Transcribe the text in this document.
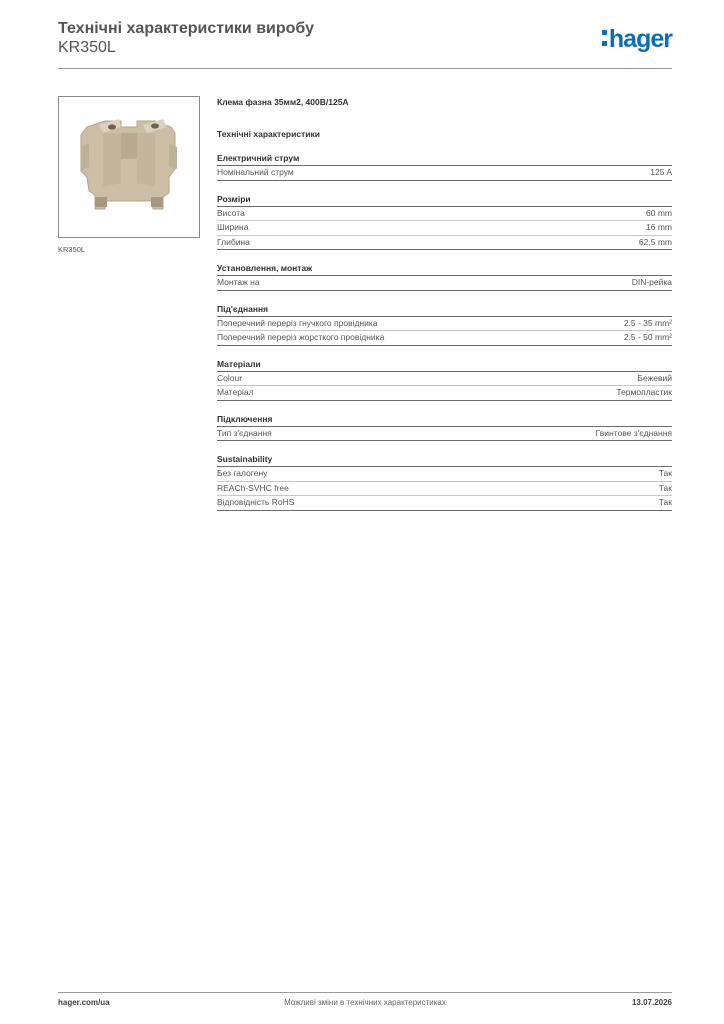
Технічні характеристики виробу
KR350L	hager
KR350L
Клема фазна 35мм2, 400В/125А
Технічні характеристики
Електричний струм
Номінальний струм	125 A
Розміри
Висота	60 mm
Ширина	16 mm
Глибина	62,5 mm
Установлення, монтаж
Монтаж на	DIN-рейка
Під'єднання
Поперечний переріз гнучкого провідника	2.5 - 35 mm²
Поперечний переріз жорсткого провідника	2.5 - 50 mm²
Матеріали
Colour	Бежевий
Матеріал	Термопластик
Підключення
Тип з'єднання	Гвинтове з'єднання
Sustainability
Без галогену	Так
REACh-SVHC free	Так
Відповідність RoHS	Так
hager.com/ua	Можливі зміни в технічних характеристиках	13.07.2026
